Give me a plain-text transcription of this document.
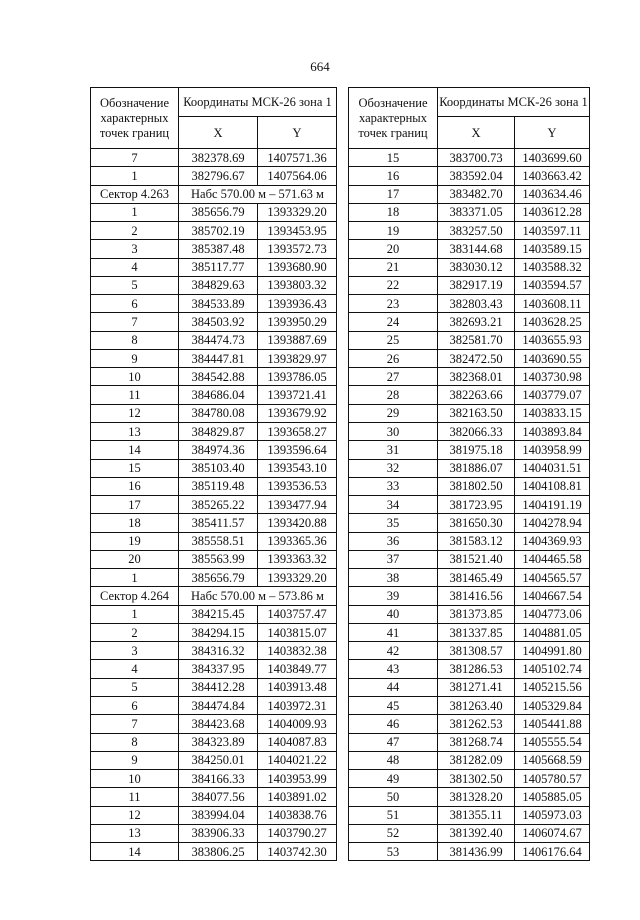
664
Обозначение характерных точек границ	Координаты МСК-26 зона 1	
	X	Y
7	382378.69	1407571.36
1	382796.67	1407564.06
Сектор 4.263	Набс 570.00 м – 571.63 м	
1	385656.79	1393329.20
2	385702.19	1393453.95
3	385387.48	1393572.73
4	385117.77	1393680.90
5	384829.63	1393803.32
6	384533.89	1393936.43
7	384503.92	1393950.29
8	384474.73	1393887.69
9	384447.81	1393829.97
10	384542.88	1393786.05
11	384686.04	1393721.41
12	384780.08	1393679.92
13	384829.87	1393658.27
14	384974.36	1393596.64
15	385103.40	1393543.10
16	385119.48	1393536.53
17	385265.22	1393477.94
18	385411.57	1393420.88
19	385558.51	1393365.36
20	385563.99	1393363.32
1	385656.79	1393329.20
Сектор 4.264	Набс 570.00 м – 573.86 м	
1	384215.45	1403757.47
2	384294.15	1403815.07
3	384316.32	1403832.38
4	384337.95	1403849.77
5	384412.28	1403913.48
6	384474.84	1403972.31
7	384423.68	1404009.93
8	384323.89	1404087.83
9	384250.01	1404021.22
10	384166.33	1403953.99
11	384077.56	1403891.02
12	383994.04	1403838.76
13	383906.33	1403790.27
14	383806.25	1403742.30
Обозначение характерных точек границ	Координаты МСК-26 зона 1	
	X	Y
15	383700.73	1403699.60
16	383592.04	1403663.42
17	383482.70	1403634.46
18	383371.05	1403612.28
19	383257.50	1403597.11
20	383144.68	1403589.15
21	383030.12	1403588.32
22	382917.19	1403594.57
23	382803.43	1403608.11
24	382693.21	1403628.25
25	382581.70	1403655.93
26	382472.50	1403690.55
27	382368.01	1403730.98
28	382263.66	1403779.07
29	382163.50	1403833.15
30	382066.33	1403893.84
31	381975.18	1403958.99
32	381886.07	1404031.51
33	381802.50	1404108.81
34	381723.95	1404191.19
35	381650.30	1404278.94
36	381583.12	1404369.93
37	381521.40	1404465.58
38	381465.49	1404565.57
39	381416.56	1404667.54
40	381373.85	1404773.06
41	381337.85	1404881.05
42	381308.57	1404991.80
43	381286.53	1405102.74
44	381271.41	1405215.56
45	381263.40	1405329.84
46	381262.53	1405441.88
47	381268.74	1405555.54
48	381282.09	1405668.59
49	381302.50	1405780.57
50	381328.20	1405885.05
51	381355.11	1405973.03
52	381392.40	1406074.67
53	381436.99	1406176.64
